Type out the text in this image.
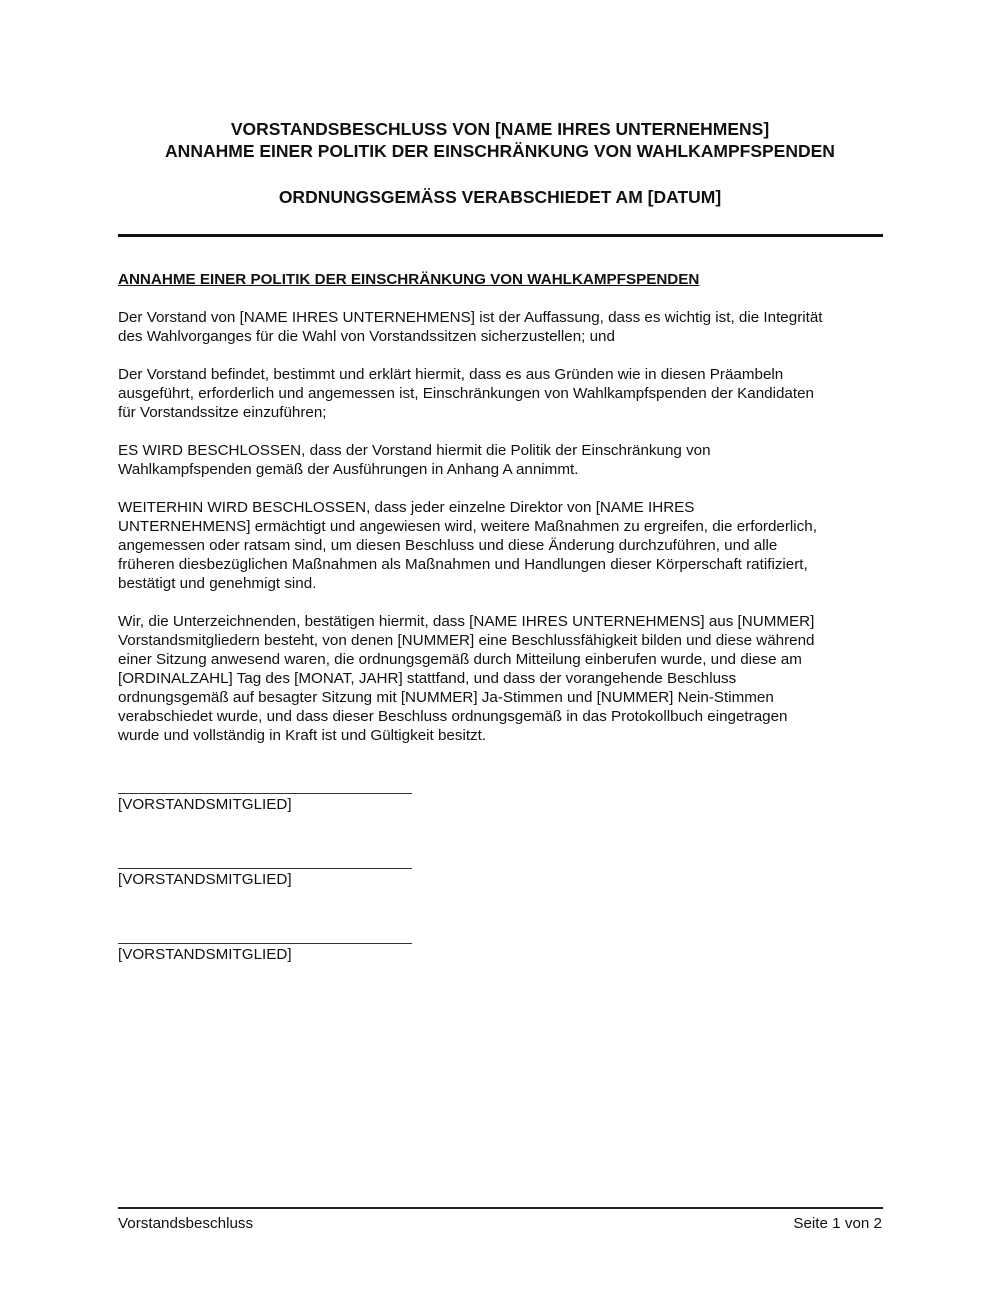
VORSTANDSBESCHLUSS VON [NAME IHRES UNTERNEHMENS]
ANNAHME EINER POLITIK DER EINSCHRÄNKUNG VON WAHLKAMPFSPENDEN
ORDNUNGSGEMÄSS VERABSCHIEDET AM [DATUM]
ANNAHME EINER POLITIK DER EINSCHRÄNKUNG VON WAHLKAMPFSPENDEN
Der Vorstand von [NAME IHRES UNTERNEHMENS] ist der Auffassung, dass es wichtig ist, die Integrität
des Wahlvorganges für die Wahl von Vorstandssitzen sicherzustellen; und
Der Vorstand befindet, bestimmt und erklärt hiermit, dass es aus Gründen wie in diesen Präambeln
ausgeführt, erforderlich und angemessen ist, Einschränkungen von Wahlkampfspenden der Kandidaten
für Vorstandssitze einzuführen;
ES WIRD BESCHLOSSEN, dass der Vorstand hiermit die Politik der Einschränkung von
Wahlkampfspenden gemäß der Ausführungen in Anhang A annimmt.
WEITERHIN WIRD BESCHLOSSEN, dass jeder einzelne Direktor von [NAME IHRES
UNTERNEHMENS] ermächtigt und angewiesen wird, weitere Maßnahmen zu ergreifen, die erforderlich,
angemessen oder ratsam sind, um diesen Beschluss und diese Änderung durchzuführen, und alle
früheren diesbezüglichen Maßnahmen als Maßnahmen und Handlungen dieser Körperschaft ratifiziert,
bestätigt und genehmigt sind.
Wir, die Unterzeichnenden, bestätigen hiermit, dass [NAME IHRES UNTERNEHMENS] aus [NUMMER]
Vorstandsmitgliedern besteht, von denen [NUMMER] eine Beschlussfähigkeit bilden und diese während
einer Sitzung anwesend waren, die ordnungsgemäß durch Mitteilung einberufen wurde, und diese am
[ORDINALZAHL] Tag des [MONAT, JAHR] stattfand, und dass der vorangehende Beschluss
ordnungsgemäß auf besagter Sitzung mit [NUMMER] Ja-Stimmen und [NUMMER] Nein-Stimmen
verabschiedet wurde, und dass dieser Beschluss ordnungsgemäß in das Protokollbuch eingetragen
wurde und vollständig in Kraft ist und Gültigkeit besitzt.
[VORSTANDSMITGLIED]
[VORSTANDSMITGLIED]
[VORSTANDSMITGLIED]
Vorstandsbeschluss	Seite 1 von 2
